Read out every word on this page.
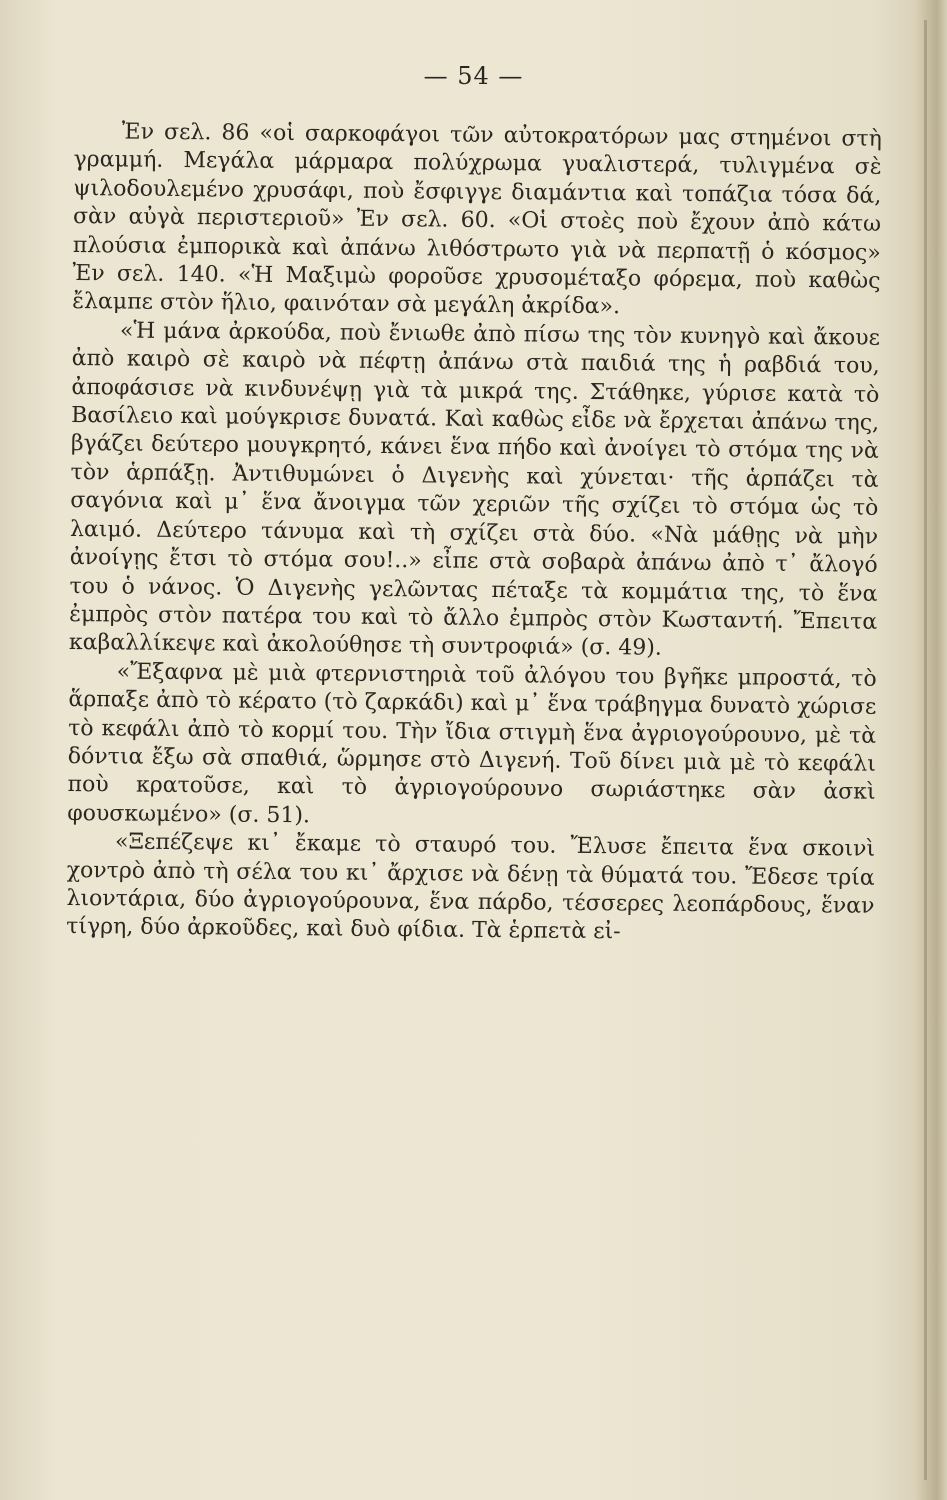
— 54 —

Ἐν σελ. 86 «οἱ σαρκοφάγοι τῶν αὐτοκρατόρων μας στημένοι στὴ γραμμή. Μεγάλα μάρμαρα πολύχρωμα γυαλιστερά, τυλιγμένα σὲ ψιλοδουλεμένο χρυσάφι, ποὺ ἔσφιγγε διαμάντια καὶ τοπάζια τόσα δά, σὰν αὐγὰ περιστεριοῦ» Ἐν σελ. 60. «Οἱ στοὲς ποὺ ἔχουν ἀπὸ κάτω πλούσια ἐμπορικὰ καὶ ἀπάνω λιθόστρωτο γιὰ νὰ περπατῇ ὁ κόσμος» Ἐν σελ. 140. «Ἡ Μαξιμὼ φοροῦσε χρυσομέταξο φόρεμα, ποὺ καθὼς ἔλαμπε στὸν ἥλιο, φαινόταν σὰ μεγάλη ἀκρίδα».

«Ἡ μάνα ἀρκούδα, ποὺ ἔνιωθε ἀπὸ πίσω της τὸν κυνηγὸ καὶ ἄκουε ἀπὸ καιρὸ σὲ καιρὸ νὰ πέφτῃ ἀπάνω στὰ παιδιά της ἡ ραβδιά του, ἀποφάσισε νὰ κινδυνέψῃ γιὰ τὰ μικρά της. Στάθηκε, γύρισε κατὰ τὸ Βασίλειο καὶ μούγκρισε δυνατά. Καὶ καθὼς εἶδε νὰ ἔρχεται ἀπάνω της, βγάζει δεύτερο μουγκρητό, κάνει ἕνα πήδο καὶ ἀνοίγει τὸ στόμα της νὰ τὸν ἁρπάξῃ. Ἀντιθυμώνει ὁ Διγενὴς καὶ χύνεται· τῆς ἁρπάζει τὰ σαγόνια καὶ μ᾿ ἕνα ἄνοιγμα τῶν χεριῶν τῆς σχίζει τὸ στόμα ὡς τὸ λαιμό. Δεύτερο τάνυμα καὶ τὴ σχίζει στὰ δύο. «Νὰ μάθῃς νὰ μὴν ἀνοίγῃς ἔτσι τὸ στόμα σου!..» εἶπε στὰ σοβαρὰ ἀπάνω ἀπὸ τ᾿ ἄλογό του ὁ νάνος. Ὁ Διγενὴς γελῶντας πέταξε τὰ κομμάτια της, τὸ ἕνα ἐμπρὸς στὸν πατέρα του καὶ τὸ ἄλλο ἐμπρὸς στὸν Κωσταντή. Ἔπειτα καβαλλίκεψε καὶ ἀκολούθησε τὴ συντροφιά» (σ. 49).

«Ἔξαφνα μὲ μιὰ φτερνιστηριὰ τοῦ ἀλόγου του βγῆκε μπροστά, τὸ ἅρπαξε ἀπὸ τὸ κέρατο (τὸ ζαρκάδι) καὶ μ᾿ ἕνα τράβηγμα δυνατὸ χώρισε τὸ κεφάλι ἀπὸ τὸ κορμί του. Τὴν ἴδια στιγμὴ ἕνα ἀγριογούρουνο, μὲ τὰ δόντια ἔξω σὰ σπαθιά, ὥρμησε στὸ Διγενή. Τοῦ δίνει μιὰ μὲ τὸ κεφάλι ποὺ κρατοῦσε, καὶ τὸ ἀγριογούρουνο σωριάστηκε σὰν ἀσκὶ φουσκωμένο» (σ. 51).

«Ξεπέζεψε κι᾿ ἔκαμε τὸ σταυρό του. Ἔλυσε ἔπειτα ἕνα σκοινὶ χοντρὸ ἀπὸ τὴ σέλα του κι᾿ ἄρχισε νὰ δένῃ τὰ θύματά του. Ἔδεσε τρία λιοντάρια, δύο ἀγριογούρουνα, ἕνα πάρδο, τέσσερες λεοπάρδους, ἕναν τίγρη, δύο ἀρκοῦδες, καὶ δυὸ φίδια. Τὰ ἑρπετὰ εἰ-
